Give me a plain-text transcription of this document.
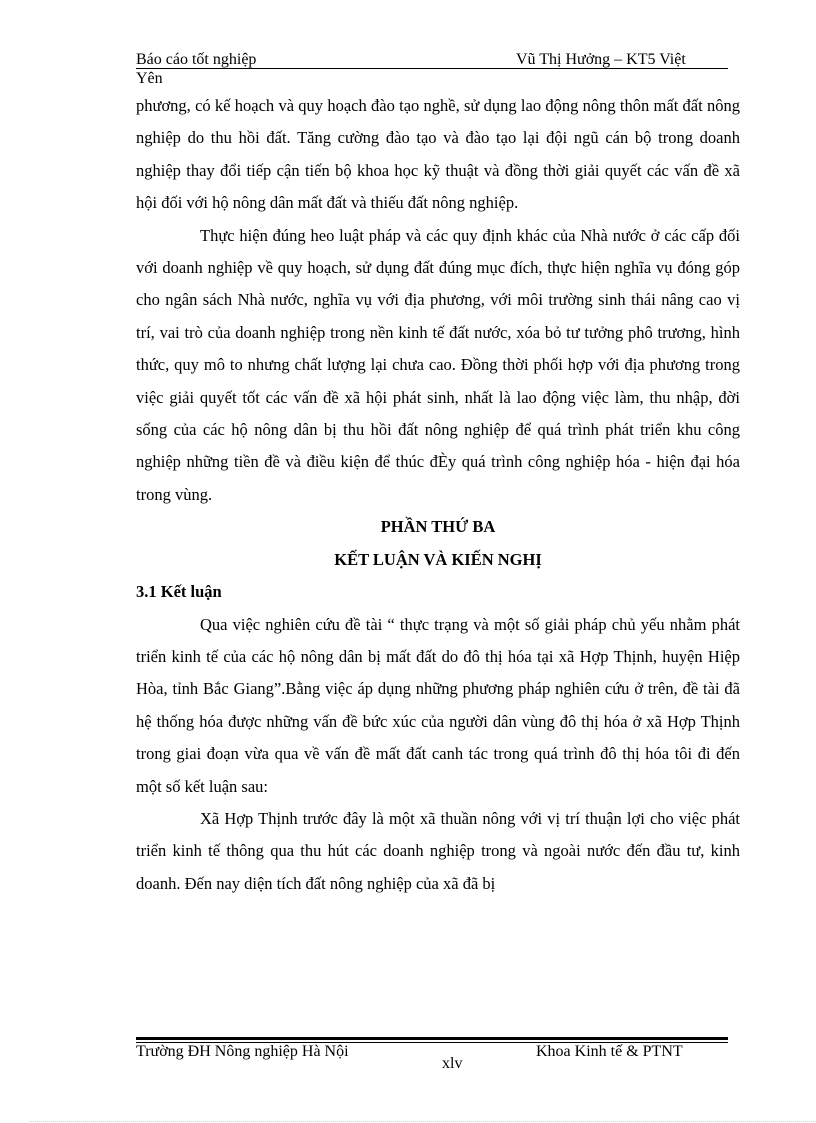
Báo cáo tốt nghiệp	Vũ Thị Hưởng – KT5 Việt
Yên

phương, có kế hoạch và quy hoạch đào tạo nghề, sử dụng lao động nông thôn mất đất nông nghiệp do thu hồi đất. Tăng cường đào tạo và đào tạo lại đội ngũ cán bộ trong doanh nghiệp thay đổi tiếp cận tiến bộ khoa học kỹ thuật và đồng thời giải quyết các vấn đề xã hội đối với hộ nông dân mất đất và thiếu đất nông nghiệp.

Thực hiện đúng heo luật pháp và các quy định khác của Nhà nước ở các cấp đối với doanh nghiệp về quy hoạch, sử dụng đất đúng mục đích, thực hiện nghĩa vụ đóng góp cho ngân sách Nhà nước, nghĩa vụ với địa phương, với môi trường sinh thái nâng cao vị trí, vai trò của doanh nghiệp trong nền kinh tế đất nước, xóa bỏ tư tưởng phô trương, hình thức, quy mô to nhưng chất lượng lại chưa cao. Đồng thời phối hợp với địa phương trong việc giải quyết tốt các vấn đề xã hội phát sinh, nhất là lao động việc làm, thu nhập, đời sống của các hộ nông dân bị thu hồi đất nông nghiệp để quá trình phát triển khu công nghiệp những tiền đề và điều kiện để thúc đÈy quá trình công nghiệp hóa - hiện đại hóa trong vùng.

PHẦN THỨ BA

KẾT LUẬN VÀ KIẾN NGHỊ

3.1 Kết luận

Qua việc nghiên cứu đề tài “ thực trạng và một số giải pháp chủ yếu nhằm phát triển kinh tế của các hộ nông dân bị mất đất do đô thị hóa tại xã Hợp Thịnh, huyện Hiệp Hòa, tỉnh Bắc Giang”.Bằng việc áp dụng những phương pháp nghiên cứu ở trên, đề tài đã hệ thống hóa được những vấn đề bức xúc của người dân vùng đô thị hóa ở xã Hợp Thịnh trong giai đoạn vừa qua về vấn đề mất đất canh tác trong quá trình đô thị hóa tôi đi đến một số kết luận sau:

Xã Hợp Thịnh trước đây là một xã thuần nông với vị trí thuận lợi cho việc phát triển kinh tế thông qua thu hút các doanh nghiệp trong và ngoài nước đến đầu tư, kinh doanh. Đến nay diện tích đất nông nghiệp của xã đã bị

Trường ĐH Nông nghiệp Hà Nội	Khoa Kinh tế & PTNT
xlv
